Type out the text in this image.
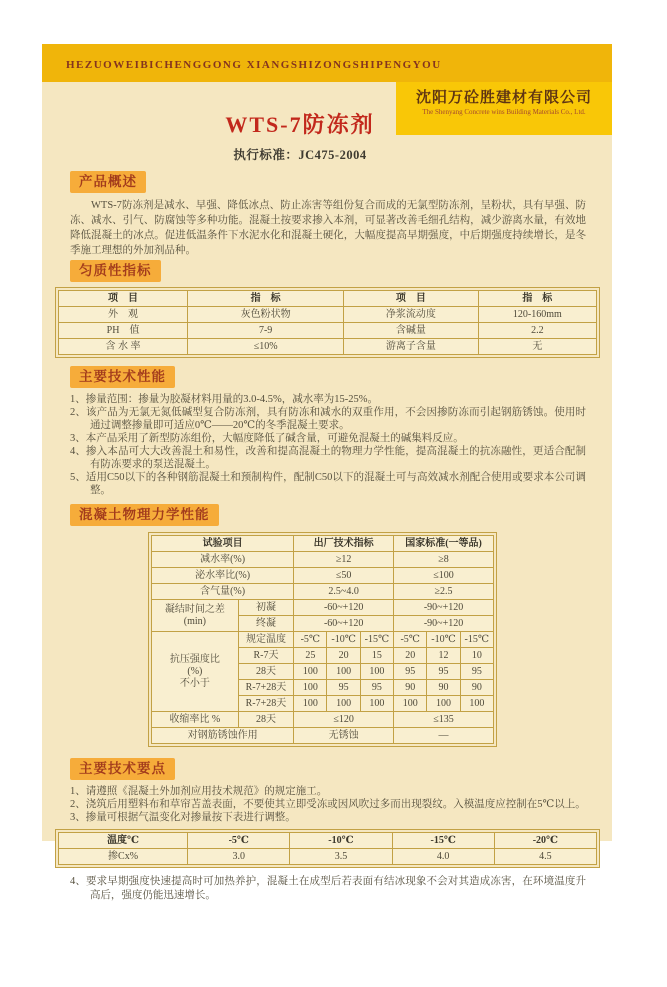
HEZUOWEIBICHENGGONG XIANGSHIZONGSHIPENGYOU
沈阳万砼胜建材有限公司
The Shenyang Concrete wins Building Materials Co., Ltd.
WTS-7防冻剂
执行标准：JC475-2004
产品概述
WTS-7防冻剂是减水、早强、降低冰点、防止冻害等组份复合而成的无氯型防冻剂，呈粉状，具有早强、防冻、减水、引气、防腐蚀等多种功能。混凝土按要求掺入本剂，可显著改善毛细孔结构，减少游离水量，有效地降低混凝土的冰点。促进低温条件下水泥水化和混凝土硬化，大幅度提高早期强度，中后期强度持续增长，是冬季施工理想的外加剂品种。
匀质性指标
项　目	指　标	项　目	指　标
外　观	灰色粉状物	净浆流动度	120-160mm
PH　值	7-9	含碱量	2.2
含 水 率	≤10%	游离子含量	无
主要技术性能
1、掺量范围：掺量为胶凝材料用量的3.0-4.5%，减水率为15-25%。
2、该产品为无氯无氮低碱型复合防冻剂，具有防冻和减水的双重作用，不会因掺防冻而引起钢筋锈蚀。使用时通过调整掺量即可适应0℃——20℃的冬季混凝土要求。
3、本产品采用了新型防冻组份，大幅度降低了碱含量，可避免混凝土的碱集料反应。
4、掺入本品可大大改善混土和易性，改善和提高混凝土的物理力学性能，提高混凝土的抗冻融性，更适合配制有防冻要求的泵送混凝土。
5、适用C50以下的各种钢筋混凝土和预制构件，配制C50以下的混凝土可与高效减水剂配合使用或要求本公司调整。
混凝土物理力学性能
试验项目		出厂技术指标			国家标准(一等品)		
减水率(%)		≥12			≥8		
泌水率比(%)		≤50			≤100		
含气量(%)		2.5~4.0			≥2.5		

凝结时间之差
(min)	初凝	-60~+120			-90~+120		
	终凝	-60~+120			-90~+120		

抗压强度比
(%)
不小于	规定温度	-5℃	-10℃	-15℃	-5℃	-10℃	-15℃
	R-7天	25	20	15	20	12	10
	28天	100	100	100	95	95	95
	R-7+28天	100	95	95	90	90	90
	R-7+28天	100	100	100	100	100	100
收缩率比 %	28天	≤120			≤135		
对钢筋锈蚀作用		无锈蚀			—		
主要技术要点
1、请遵照《混凝土外加剂应用技术规范》的规定施工。
2、浇筑后用塑料布和草帘苫盖表面，不要使其立即受冻或因风吹过多而出现裂纹。入模温度应控制在5℃以上。
3、掺量可根据气温变化对掺量按下表进行调整。
温度℃	-5℃	-10℃	-15℃	-20℃
掺Cx%	3.0	3.5	4.0	4.5
4、要求早期强度快速提高时可加热养护，混凝土在成型后若表面有结冰现象不会对其造成冻害，在环境温度升高后，强度仍能迅速增长。
